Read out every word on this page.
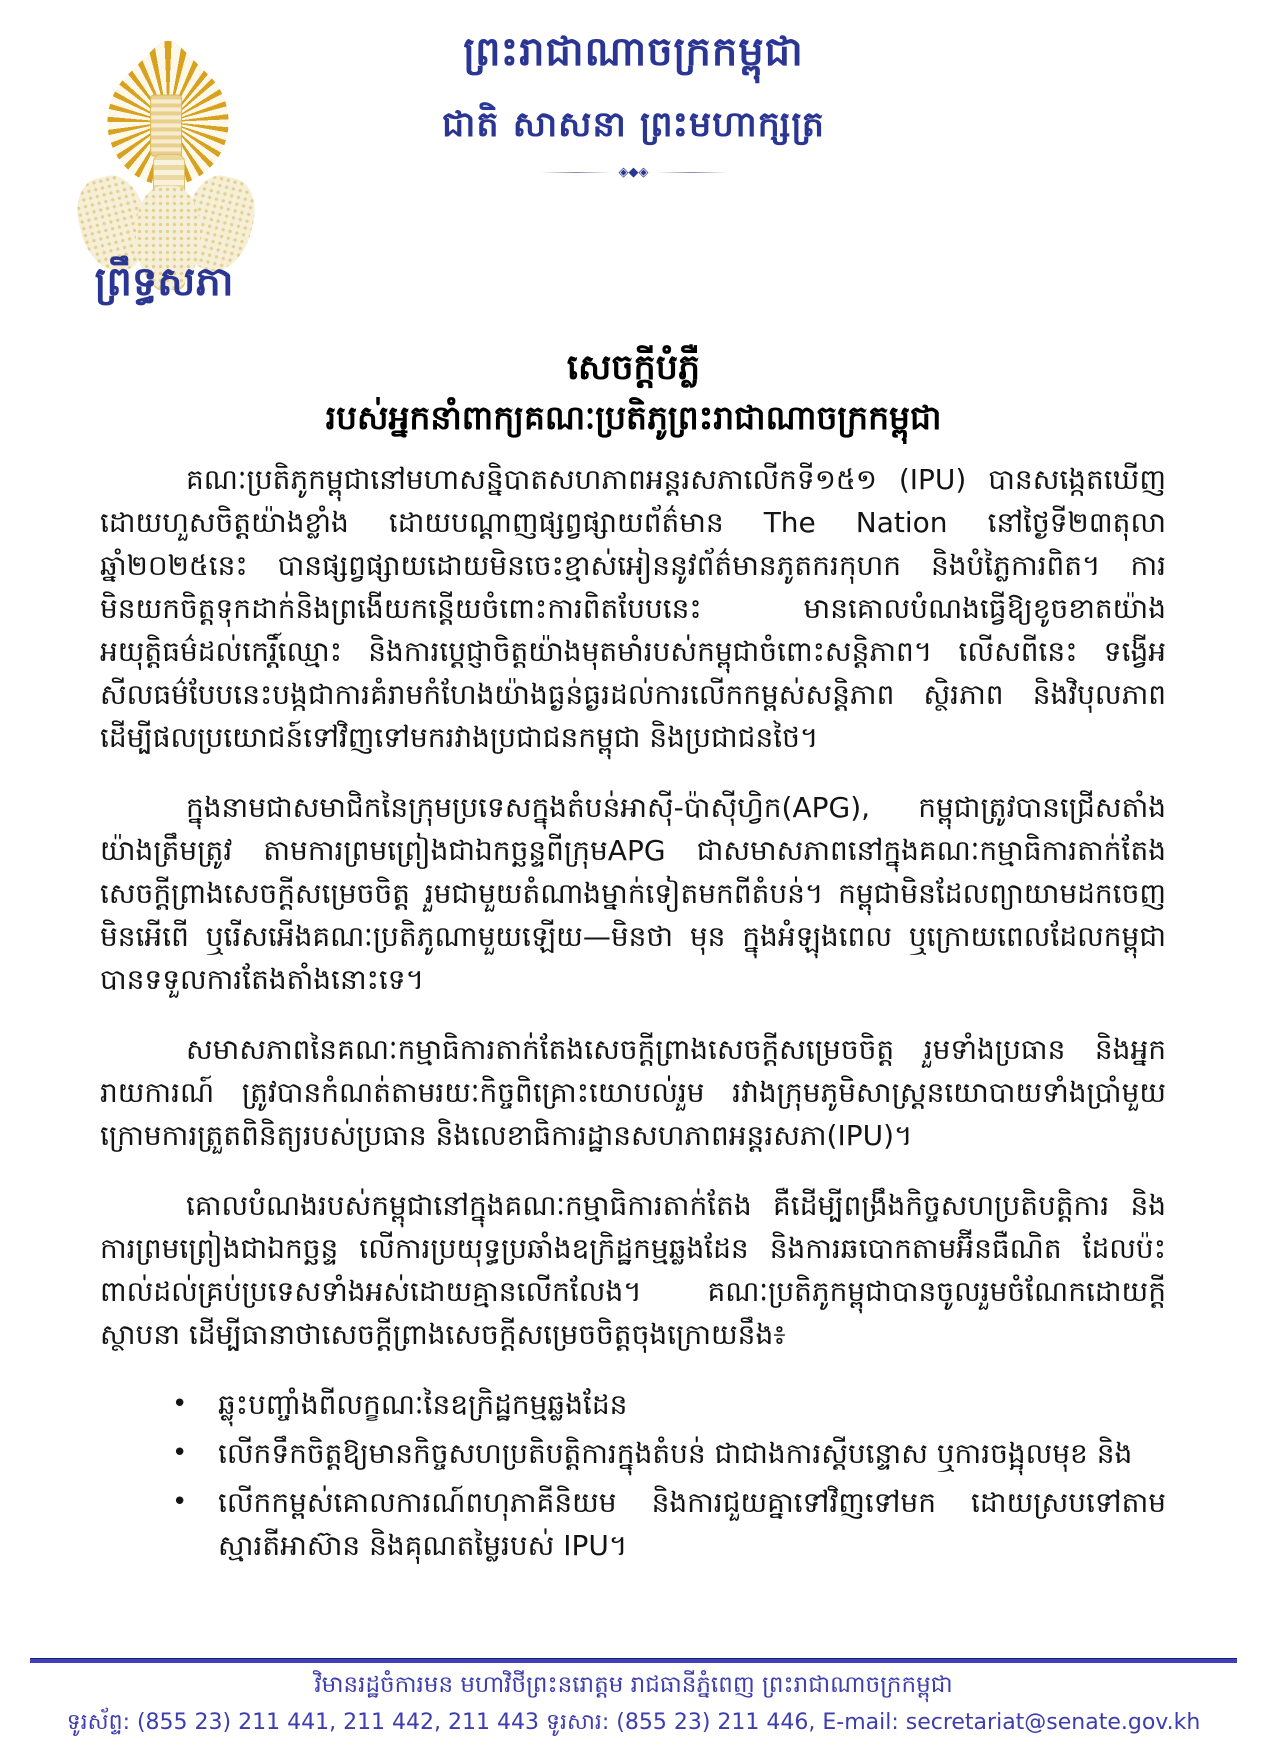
ព្រះរាជាណាចក្រកម្ពុជា
ជាតិ សាសនា ព្រះមហាក្សត្រ
◈◆◈
ព្រឹទ្ធសភា
សេចក្តីបំភ្លឺ
របស់អ្នកនាំពាក្យគណៈប្រតិភូព្រះរាជាណាចក្រកម្ពុជា

គណៈប្រតិភូកម្ពុជានៅមហាសន្និបាតសហភាពអន្តរសភាលើកទី១៥១ (IPU) បានសង្កេតឃើញដោយហួសចិត្តយ៉ាងខ្លាំង ដោយបណ្តាញផ្សព្វផ្សាយព័ត៌មាន The Nation នៅថ្ងៃទី២៣តុលា ឆ្នាំ២០២៥នេះ បានផ្សព្វផ្សាយដោយមិនចេះខ្មាស់អៀននូវព័ត៌មានភូតករកុហក និងបំភ្លៃការពិត។ ការមិនយកចិត្តទុកដាក់និងព្រងើយកន្តើយចំពោះការពិតបែបនេះ មានគោលបំណងធ្វើឱ្យខូចខាតយ៉ាងអយុត្តិធម៌ដល់កេរ្តិ៍ឈ្មោះ និងការប្តេជ្ញាចិត្តយ៉ាងមុតមាំរបស់កម្ពុជាចំពោះសន្តិភាព។ លើសពីនេះ ទង្វើអសីលធម៌បែបនេះបង្កជាការគំរាមកំហែងយ៉ាងធ្ងន់ធ្ងរដល់ការលើកកម្ពស់សន្តិភាព ស្ថិរភាព និងវិបុលភាព ដើម្បីផលប្រយោជន៍ទៅវិញទៅមករវាងប្រជាជនកម្ពុជា និងប្រជាជនថៃ។

ក្នុងនាមជាសមាជិកនៃក្រុមប្រទេសក្នុងតំបន់អាស៊ី-ប៉ាស៊ីហ្វិក(APG), កម្ពុជាត្រូវបានជ្រើសតាំងយ៉ាងត្រឹមត្រូវ តាមការព្រមព្រៀងជាឯកច្ឆន្ទពីក្រុមAPG ជាសមាសភាពនៅក្នុងគណៈកម្មាធិការតាក់តែងសេចក្តីព្រាងសេចក្តីសម្រេចចិត្ត រួមជាមួយតំណាងម្នាក់ទៀតមកពីតំបន់។ កម្ពុជាមិនដែលព្យាយាមដកចេញ មិនអើពើ ឬរើសអើងគណៈប្រតិភូណាមួយឡើយ—មិនថា មុន ក្នុងអំឡុងពេល ឬក្រោយពេលដែលកម្ពុជាបានទទួលការតែងតាំងនោះទេ។

សមាសភាពនៃគណៈកម្មាធិការតាក់តែងសេចក្តីព្រាងសេចក្តីសម្រេចចិត្ត រួមទាំងប្រធាន និងអ្នករាយការណ៍ ត្រូវបានកំណត់តាមរយៈកិច្ចពិគ្រោះយោបល់រួម រវាងក្រុមភូមិសាស្ត្រនយោបាយទាំងប្រាំមួយ ក្រោមការត្រួតពិនិត្យរបស់ប្រធាន និងលេខាធិការដ្ឋានសហភាពអន្តរសភា(IPU)។

គោលបំណងរបស់កម្ពុជានៅក្នុងគណៈកម្មាធិការតាក់តែង គឺដើម្បីពង្រឹងកិច្ចសហប្រតិបត្តិការ និងការព្រមព្រៀងជាឯកច្ឆន្ទ លើការប្រយុទ្ធប្រឆាំងឧក្រិដ្ឋកម្មឆ្លងដែន និងការឆបោកតាមអ៊ីនធឺណិត ដែលប៉ះពាល់ដល់គ្រប់ប្រទេសទាំងអស់ដោយគ្មានលើកលែង។ គណៈប្រតិភូកម្ពុជាបានចូលរួមចំណែកដោយក្តីស្ថាបនា ដើម្បីធានាថាសេចក្តីព្រាងសេចក្តីសម្រេចចិត្តចុងក្រោយនឹង៖

• ឆ្លុះបញ្ចាំងពីលក្ខណៈនៃឧក្រិដ្ឋកម្មឆ្លងដែន
• លើកទឹកចិត្តឱ្យមានកិច្ចសហប្រតិបត្តិការក្នុងតំបន់ ជាជាងការស្តីបន្ទោស ឬការចង្អុលមុខ និង
• លើកកម្ពស់គោលការណ៍ពហុភាគីនិយម និងការជួយគ្នាទៅវិញទៅមក ដោយស្របទៅតាមស្មារតីអាស៊ាន និងគុណតម្លៃរបស់ IPU។
វិមានរដ្ឋចំការមន មហាវិថីព្រះនរោត្តម រាជធានីភ្នំពេញ ព្រះរាជាណាចក្រកម្ពុជា
ទូរស័ព្ទ: (855 23) 211 441, 211 442, 211 443 ទូរសារ: (855 23) 211 446, E-mail: secretariat@senate.gov.kh
